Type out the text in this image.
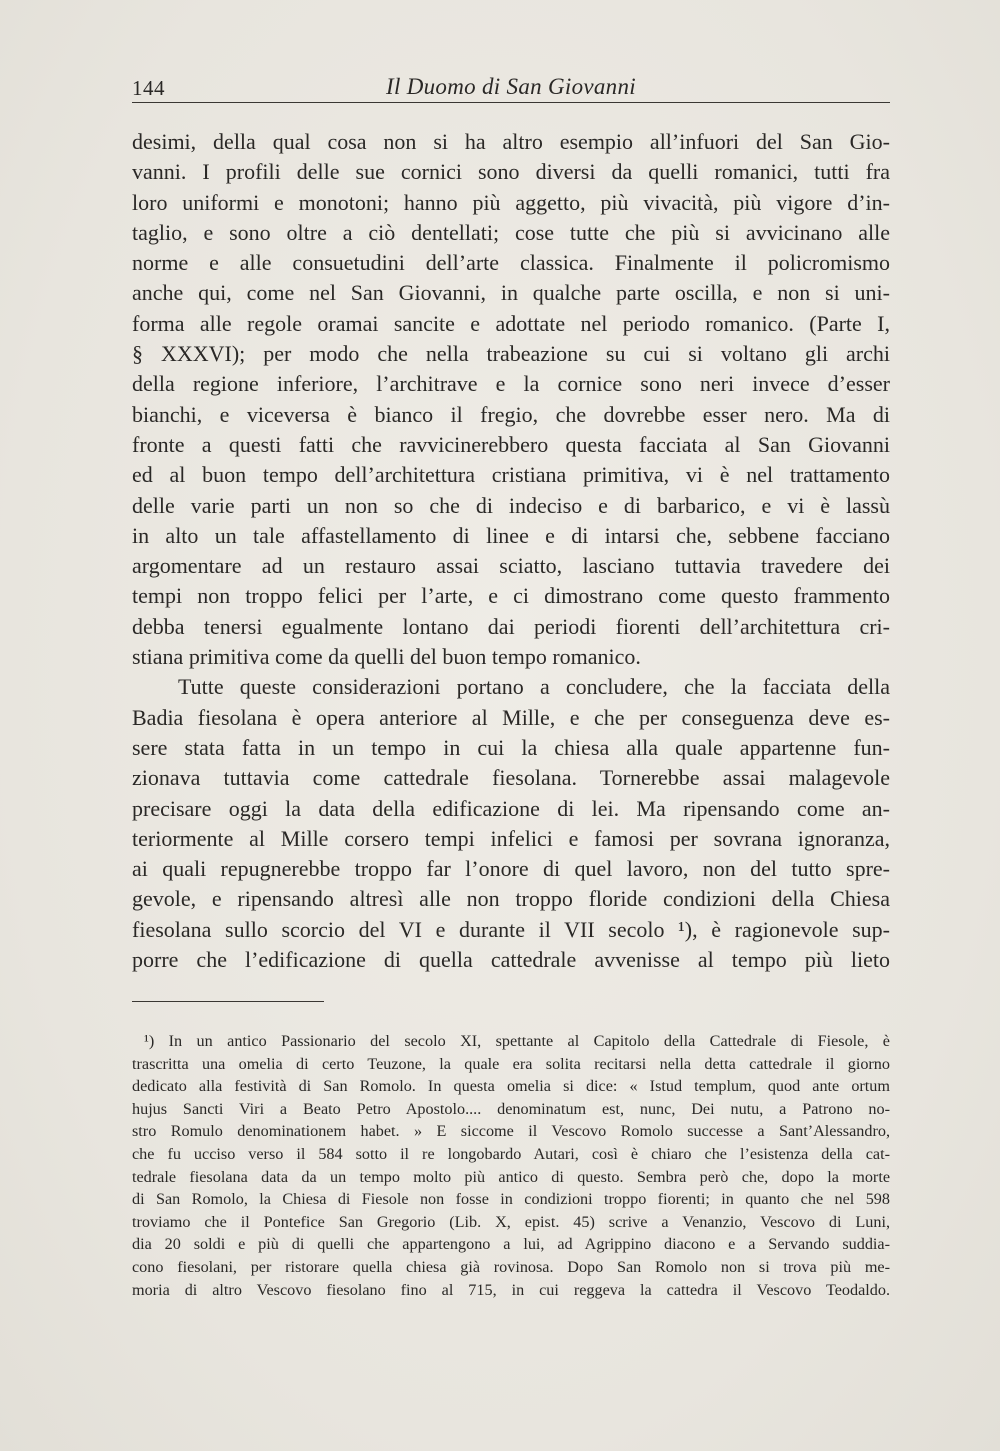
144	Il Duomo di San Giovanni
desimi, della qual cosa non si ha altro esempio all’infuori del San Gio-
vanni. I profili delle sue cornici sono diversi da quelli romanici, tutti fra
loro uniformi e monotoni; hanno più aggetto, più vivacità, più vigore d’in-
taglio, e sono oltre a ciò dentellati; cose tutte che più si avvicinano alle
norme e alle consuetudini dell’arte classica. Finalmente il policromismo
anche qui, come nel San Giovanni, in qualche parte oscilla, e non si uni-
forma alle regole oramai sancite e adottate nel periodo romanico. (Parte I,
§ XXXVI); per modo che nella trabeazione su cui si voltano gli archi
della regione inferiore, l’architrave e la cornice sono neri invece d’esser
bianchi, e viceversa è bianco il fregio, che dovrebbe esser nero. Ma di
fronte a questi fatti che ravvicinerebbero questa facciata al San Giovanni
ed al buon tempo dell’architettura cristiana primitiva, vi è nel trattamento
delle varie parti un non so che di indeciso e di barbarico, e vi è lassù
in alto un tale affastellamento di linee e di intarsi che, sebbene facciano
argomentare ad un restauro assai sciatto, lasciano tuttavia travedere dei
tempi non troppo felici per l’arte, e ci dimostrano come questo frammento
debba tenersi egualmente lontano dai periodi fiorenti dell’architettura cri-
stiana primitiva come da quelli del buon tempo romanico.
Tutte queste considerazioni portano a concludere, che la facciata della
Badia fiesolana è opera anteriore al Mille, e che per conseguenza deve es-
sere stata fatta in un tempo in cui la chiesa alla quale appartenne fun-
zionava tuttavia come cattedrale fiesolana. Tornerebbe assai malagevole
precisare oggi la data della edificazione di lei. Ma ripensando come an-
teriormente al Mille corsero tempi infelici e famosi per sovrana ignoranza,
ai quali repugnerebbe troppo far l’onore di quel lavoro, non del tutto spre-
gevole, e ripensando altresì alle non troppo floride condizioni della Chiesa
fiesolana sullo scorcio del VI e durante il VII secolo ¹), è ragionevole sup-
porre che l’edificazione di quella cattedrale avvenisse al tempo più lieto
¹) In un antico Passionario del secolo XI, spettante al Capitolo della Cattedrale di Fiesole, è
trascritta una omelia di certo Teuzone, la quale era solita recitarsi nella detta cattedrale il giorno
dedicato alla festività di San Romolo. In questa omelia si dice: « Istud templum, quod ante ortum
hujus Sancti Viri a Beato Petro Apostolo.... denominatum est, nunc, Dei nutu, a Patrono no-
stro Romulo denominationem habet. » E siccome il Vescovo Romolo successe a Sant’Alessandro,
che fu ucciso verso il 584 sotto il re longobardo Autari, così è chiaro che l’esistenza della cat-
tedrale fiesolana data da un tempo molto più antico di questo. Sembra però che, dopo la morte
di San Romolo, la Chiesa di Fiesole non fosse in condizioni troppo fiorenti; in quanto che nel 598
troviamo che il Pontefice San Gregorio (Lib. X, epist. 45) scrive a Venanzio, Vescovo di Luni,
dia 20 soldi e più di quelli che appartengono a lui, ad Agrippino diacono e a Servando suddia-
cono fiesolani, per ristorare quella chiesa già rovinosa. Dopo San Romolo non si trova più me-
moria di altro Vescovo fiesolano fino al 715, in cui reggeva la cattedra il Vescovo Teodaldo.
